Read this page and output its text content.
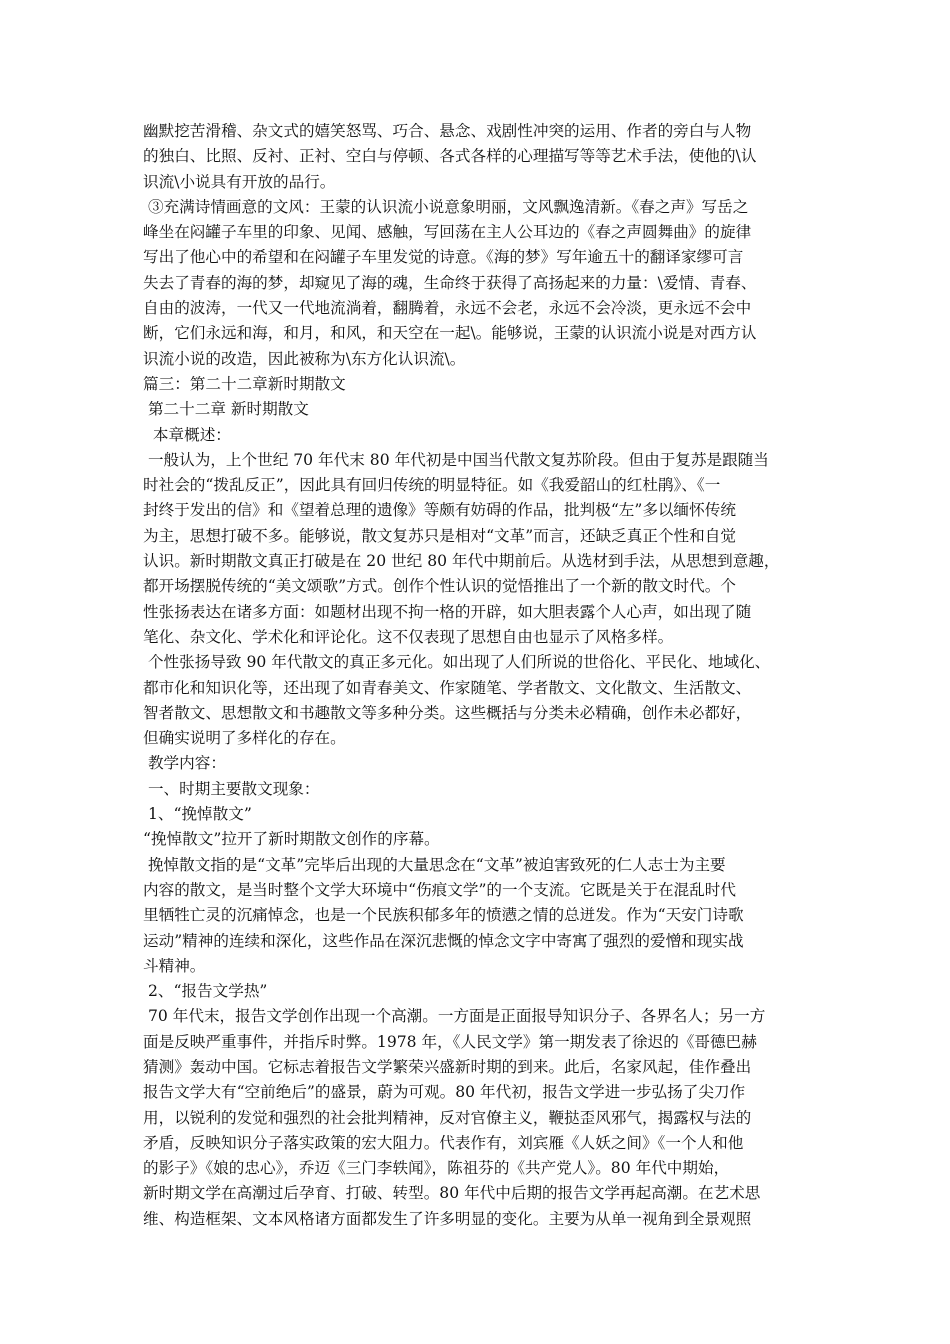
幽默挖苦滑稽、杂文式的嬉笑怒骂、巧合、悬念、戏剧性冲突的运用、作者的旁白与人物
的独白、比照、反衬、正衬、空白与停顿、各式各样的心理描写等等艺术手法，使他的\认
识流\小说具有开放的品行。
③充满诗情画意的文风：王蒙的认识流小说意象明丽，文风飘逸清新。《春之声》写岳之
峰坐在闷罐子车里的印象、见闻、感触，写回荡在主人公耳边的《春之声圆舞曲》的旋律
写出了他心中的希望和在闷罐子车里发觉的诗意。《海的梦》写年逾五十的翻译家缪可言
失去了青春的海的梦，却窥见了海的魂，生命终于获得了高扬起来的力量：\爱情、青春、
自由的波涛，一代又一代地流淌着，翻腾着，永远不会老，永远不会冷淡，更永远不会中
断，它们永远和海，和月，和风，和天空在一起\。能够说，王蒙的认识流小说是对西方认
识流小说的改造，因此被称为\东方化认识流\。
篇三：第二十二章新时期散文
第二十二章 新时期散文
本章概述：
一般认为，上个世纪 70 年代末 80 年代初是中国当代散文复苏阶段。但由于复苏是跟随当
时社会的“拨乱反正”，因此具有回归传统的明显特征。如《我爱韶山的红杜鹃》、《一
封终于发出的信》和《望着总理的遗像》等颇有妨碍的作品，批判极“左”多以缅怀传统
为主，思想打破不多。能够说，散文复苏只是相对“文革”而言，还缺乏真正个性和自觉
认识。新时期散文真正打破是在 20 世纪 80 年代中期前后。从选材到手法，从思想到意趣，
都开场摆脱传统的“美文颂歌”方式。创作个性认识的觉悟推出了一个新的散文时代。个
性张扬表达在诸多方面：如题材出现不拘一格的开辟，如大胆表露个人心声，如出现了随
笔化、杂文化、学术化和评论化。这不仅表现了思想自由也显示了风格多样。
个性张扬导致 90 年代散文的真正多元化。如出现了人们所说的世俗化、平民化、地域化、
都市化和知识化等，还出现了如青春美文、作家随笔、学者散文、文化散文、生活散文、
智者散文、思想散文和书趣散文等多种分类。这些概括与分类未必精确，创作未必都好，
但确实说明了多样化的存在。
教学内容：
一、时期主要散文现象：
1、“挽悼散文”
“挽悼散文”拉开了新时期散文创作的序幕。
挽悼散文指的是“文革”完毕后出现的大量思念在“文革”被迫害致死的仁人志士为主要
内容的散文，是当时整个文学大环境中“伤痕文学”的一个支流。它既是关于在混乱时代
里牺牲亡灵的沉痛悼念，也是一个民族积郁多年的愤懑之情的总迸发。作为“天安门诗歌
运动”精神的连续和深化，这些作品在深沉悲慨的悼念文字中寄寓了强烈的爱憎和现实战
斗精神。
2、“报告文学热”
70 年代末，报告文学创作出现一个高潮。一方面是正面报导知识分子、各界名人；另一方
面是反映严重事件，并指斥时弊。1978 年，《人民文学》第一期发表了徐迟的《哥德巴赫
猜测》轰动中国。它标志着报告文学繁荣兴盛新时期的到来。此后，名家风起，佳作叠出
报告文学大有“空前绝后”的盛景，蔚为可观。80 年代初，报告文学进一步弘扬了尖刀作
用，以锐利的发觉和强烈的社会批判精神，反对官僚主义，鞭挞歪风邪气，揭露权与法的
矛盾，反映知识分子落实政策的宏大阻力。代表作有，刘宾雁《人妖之间》《一个人和他
的影子》《娘的忠心》，乔迈《三门李轶闻》，陈祖芬的《共产党人》。80 年代中期始，
新时期文学在高潮过后孕育、打破、转型。80 年代中后期的报告文学再起高潮。在艺术思
维、构造框架、文本风格诸方面都发生了许多明显的变化。主要为从单一视角到全景观照
